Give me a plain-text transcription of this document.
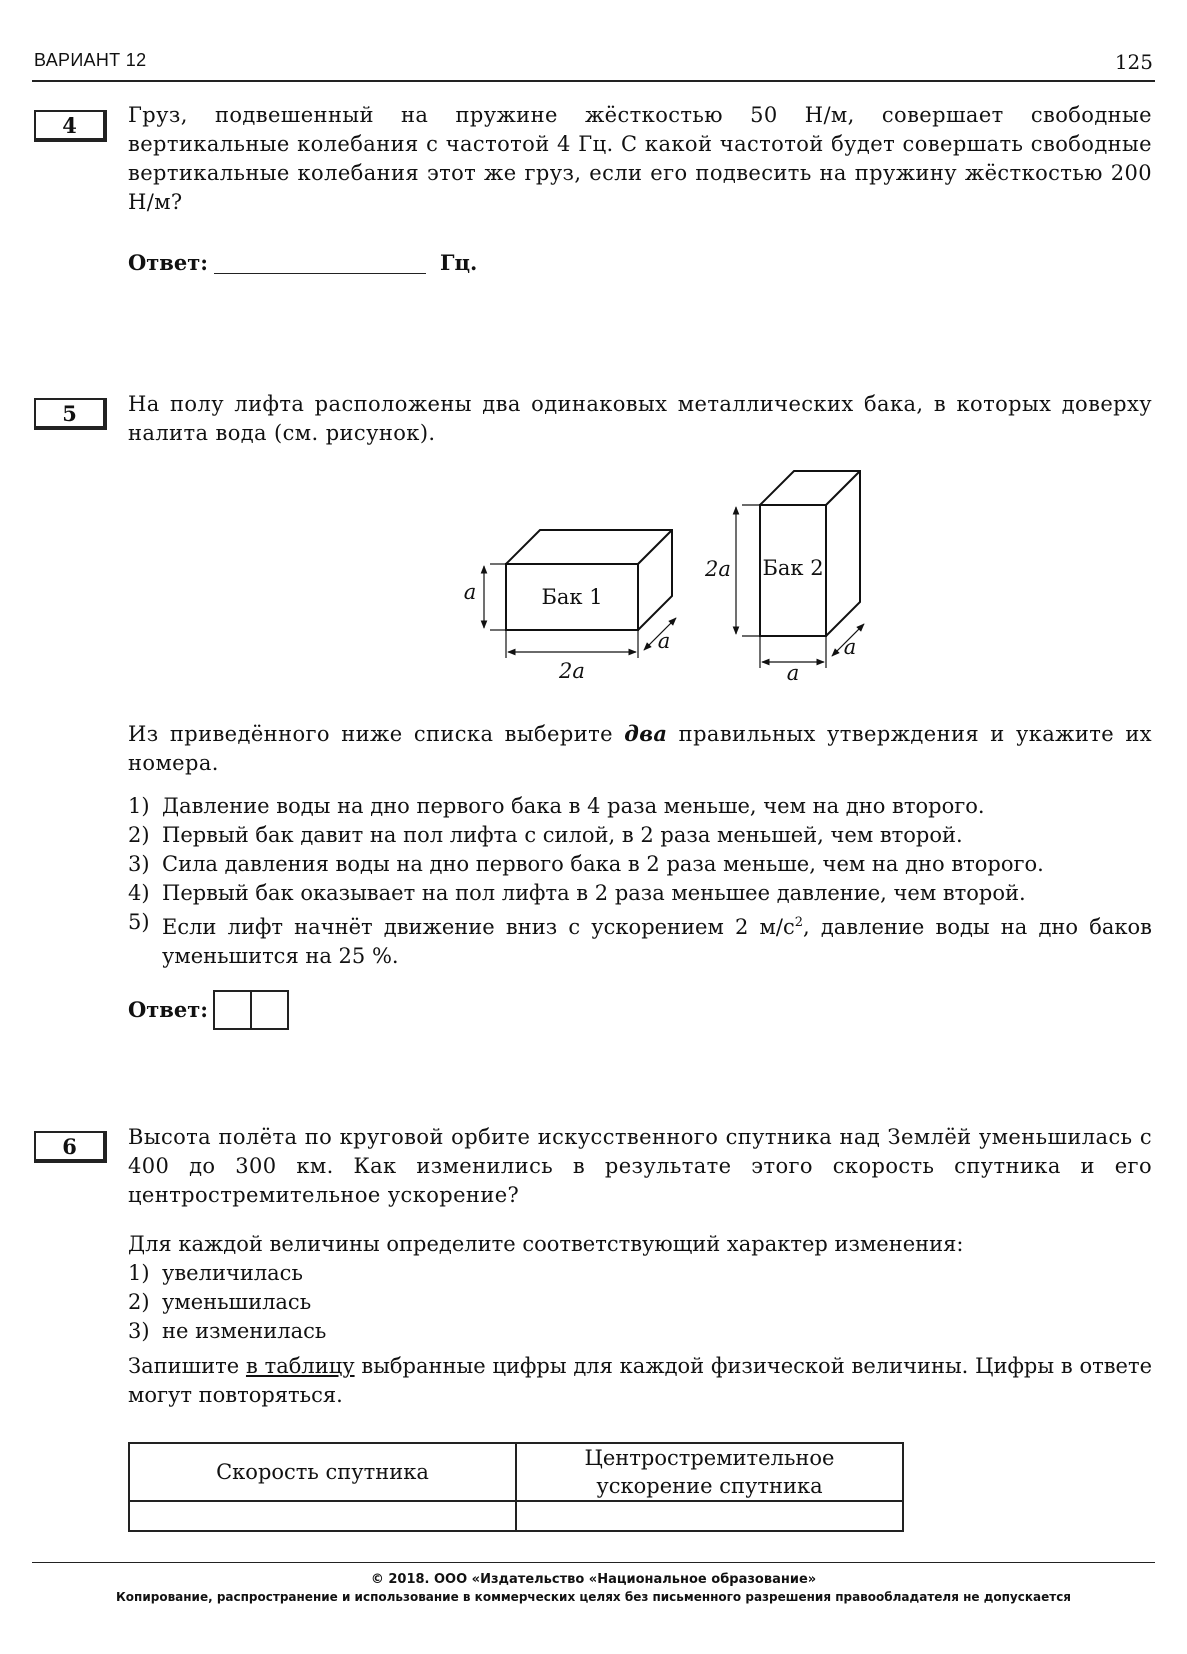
ВАРИАНТ 12	125
4	Груз, подвешенный на пружине жёсткостью 50 Н/м, совершает свободные вертикальные колебания с частотой 4 Гц. С какой частотой будет совершать свободные вертикальные колебания этот же груз, если его подвесить на пружину жёсткостью 200 Н/м?
Ответ:	Гц.
5	На полу лифта расположены два одинаковых металлических бака, в которых доверху налита вода (см. рисунок).
Бак 1
Бак 2
a
2a
a
2a
a
a
Из приведённого ниже списка выберите два правильных утверждения и укажите их номера.
1) Давление воды на дно первого бака в 4 раза меньше, чем на дно второго.
2) Первый бак давит на пол лифта с силой, в 2 раза меньшей, чем второй.
3) Сила давления воды на дно первого бака в 2 раза меньше, чем на дно второго.
4) Первый бак оказывает на пол лифта в 2 раза меньшее давление, чем второй.
5) Если лифт начнёт движение вниз с ускорением 2 $м/с^2$, давление воды на дно баков уменьшится на 25 %.
Ответ:
6	Высота полёта по круговой орбите искусственного спутника над Землёй уменьшилась с 400 до 300 км. Как изменились в результате этого скорость спутника и его центростремительное ускорение?
Для каждой величины определите соответствующий характер изменения:
1) увеличилась
2) уменьшилась
3) не изменилась
Запишите в таблицу выбранные цифры для каждой физической величины. Цифры в ответе могут повторяться.
Скорость спутника	Центростремительное ускорение спутника

© 2018. ООО «Издательство «Национальное образование»
Копирование, распространение и использование в коммерческих целях без письменного разрешения правообладателя не допускается
